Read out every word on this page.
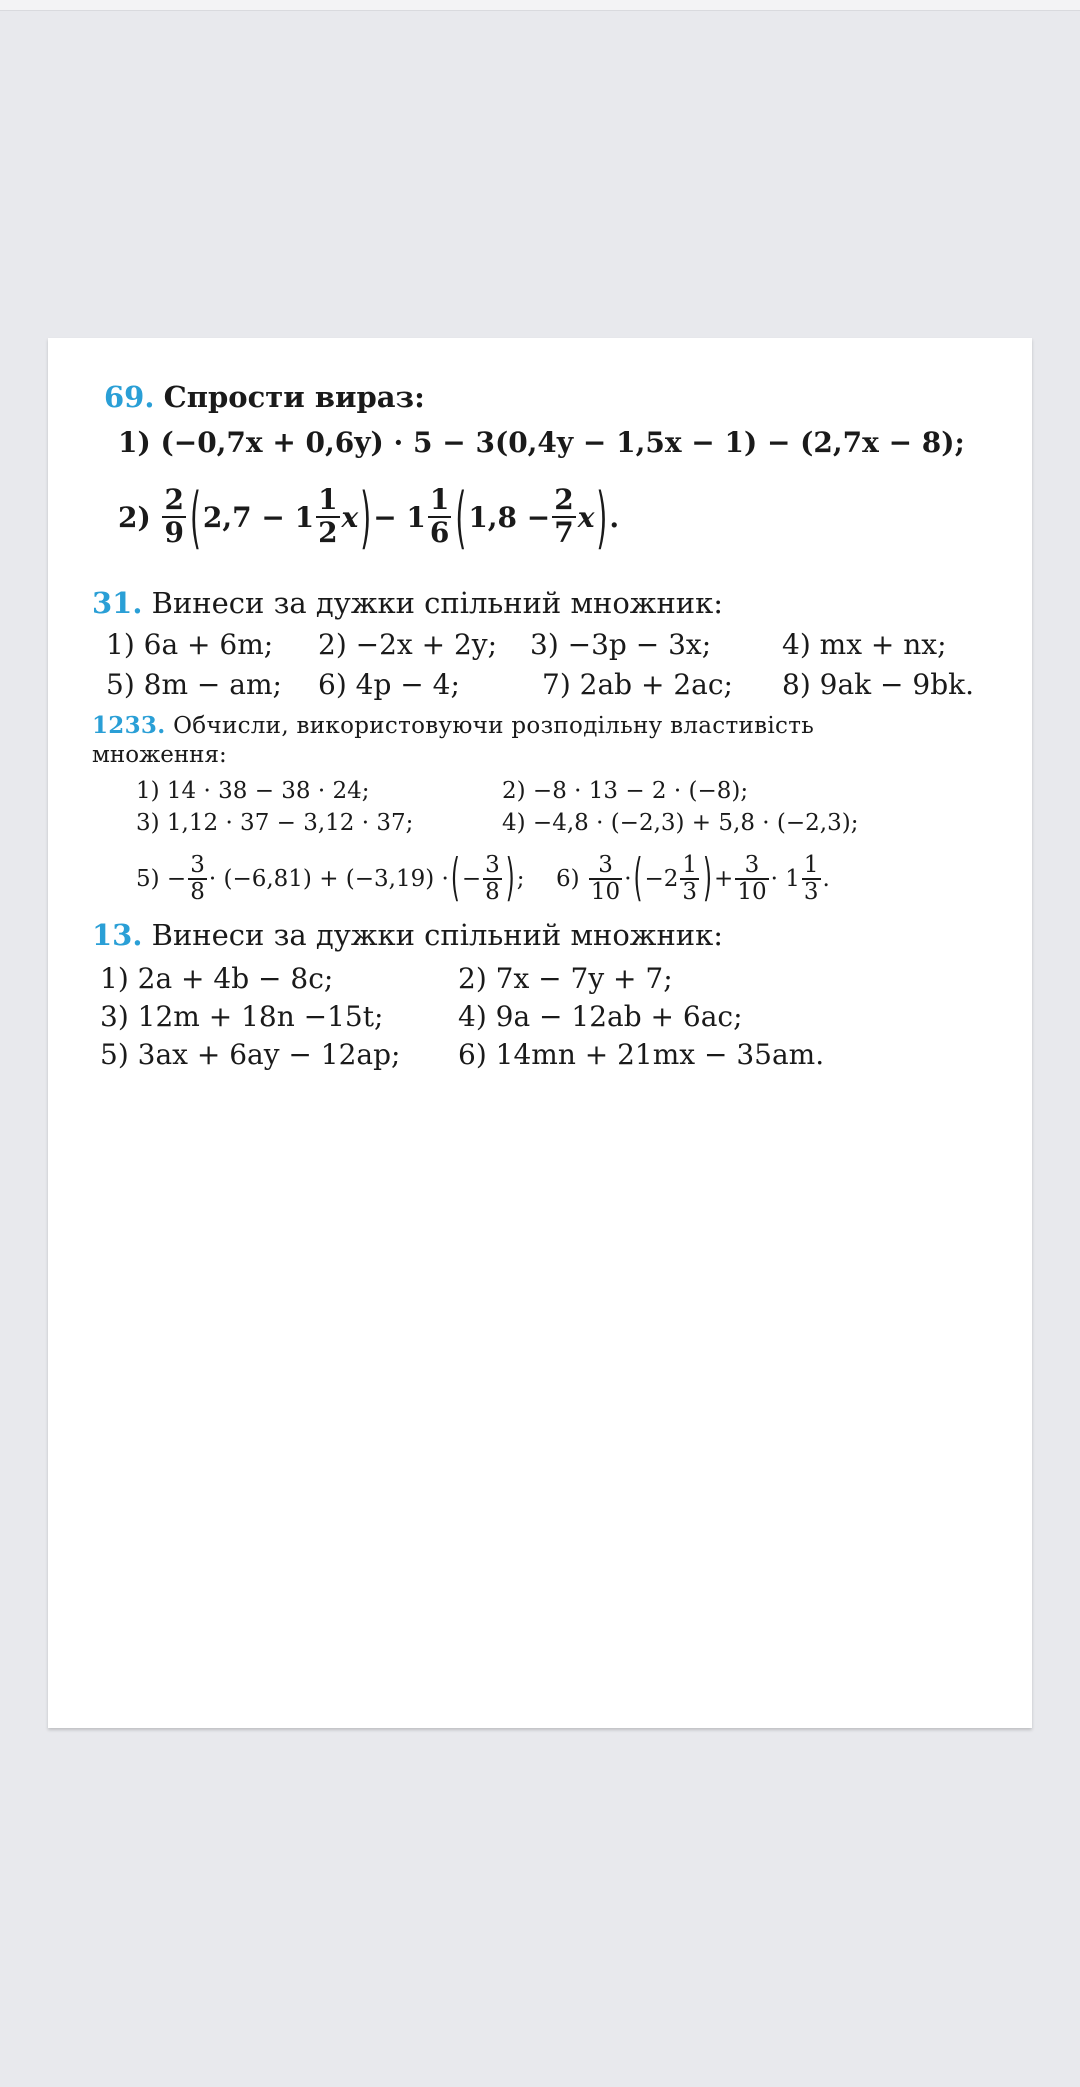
69. Спрости вираз:
1) (−0,7x + 0,6y) · 5 − 3(0,4y − 1,5x − 1) − (2,7x − 8);
2)
$\frac{2}{9}$ ( $2,7 - 1 \frac{1}{2}$ x ) − $1 \frac{1}{6}$ ( $1,8 - \frac{2}{7}$ x ) .
31. Винеси за дужки спільний множник:
1) 6a + 6m; 2) −2x + 2y; 3) −3p − 3x;	4) mx + nx;
5) 8m − am; 6) 4p − 4;	7) 2ab + 2ac; 8) 9ak − 9bk.
1233. Обчисли, використовуючи розподільну властивість
множення:
1) 14 · 38 − 38 · 24;	2) −8 · 13 − 2 · (−8);
3) 1,12 · 37 − 3,12 · 37;	4) −4,8 · (−2,3) + 5,8 · (−2,3);
$5) - \frac{3}{8} \cdot (-6,81) + (-3,19)$ · ( − $\frac{3}{8}$ ) ; 6)
$\frac{3}{10}$ · ( $-2 \frac{1}{3}$ ) + $\frac{3}{10} \cdot 1 \frac{1}{3}$ .
13. Винеси за дужки спільний множник:
1) 2a + 4b − 8c;	2) 7x − 7y + 7;
3) 12m + 18n −15t;	4) 9a − 12ab + 6ac;
5) 3ax + 6ay − 12ap; 6) 14mn + 21mx − 35am.
